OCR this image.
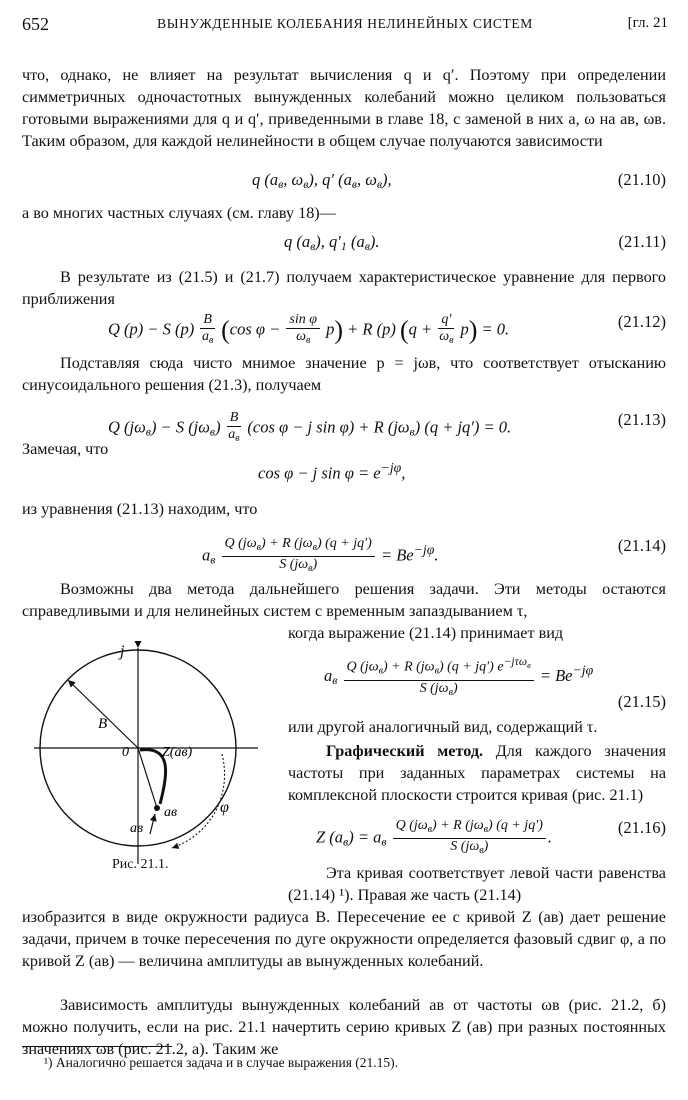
652	ВЫНУЖДЕННЫЕ КОЛЕБАНИЯ НЕЛИНЕЙНЫХ СИСТЕМ	[гл. 21

что, однако, не влияет на результат вычисления q и q′. Поэтому при определении симметричных одночастотных вынужденных колебаний можно целиком пользоваться готовыми выражениями для q и q′, приведенными в главе 18, с заменой в них a, ω на aв, ωв. Таким образом, для каждой нелинейности в общем случае получаются зависимости

q ($a_в$, $\omega_в$), q′ ($a_в$, $\omega_в$),	(21.10)

а во многих частных случаях (см. главу 18)—

q $(a_в)$, $q'_1$ $(a_в)$.	(21.11)

В результате из (21.5) и (21.7) получаем характеристическое уравнение для первого приближения

Q (p) − S $(p) \frac{B}{a_в} (\cos$ $\varphi - \frac{\text{sin φ}}{\omega_в} p) + R$ (p) $(q + \frac{q'}{\omega_в} p) = 0$.	(21.12)

Подставляя сюда чисто мнимое значение p = jωв, что соответствует отысканию синусоидального решения (21.3), получаем

Q $(j\omega_в) - S$ $(j\omega_в) \frac{B}{a_в} (\cos$ φ − j sin φ) + R $(j\omega_в) (q + jq') = 0$.	(21.13)

Замечая, что

cos φ − j $\sin \varphi = e^{-j\varphi}$,

из уравнения (21.13) находим, что

$a_в \frac{Q (j\omega_в) + R (j\omega_в) (q + jq')}{S (j\omega_в)} = Be^{-j\varphi}$.	(21.14)

Возможны два метода дальнейшего решения задачи. Эти методы остаются справедливыми и для нелинейных систем с временным запаздыванием τ,

когда выражение (21.14) принимает вид

$a_в \frac{Q (j\omega_в) + R (j\omega_в) (q + jq') e^{-j\tau\omega_в}}{S (j\omega_в)} = Be^{-j\varphi}$
(21.15)

или другой аналогичный вид, содержащий τ.

Графический метод. Для каждого значения частоты при заданных параметрах системы на комплексной плоскости строится кривая (рис. 21.1)

Z $(a_в) = a_в \frac{Q (j\omega_в) + R (j\omega_в) (q + jq')}{S (j\omega_в)}$ .	(21.16)

Эта кривая соответствует левой части равенства (21.14) ¹). Правая же часть (21.14)

изобразится в виде окружности радиуса B. Пересечение ее с кривой Z (aв) дает решение задачи, причем в точке пересечения по дуге окружности определяется фазовый сдвиг φ, а по кривой Z (aв) — величина амплитуды aв вынужденных колебаний.

Зависимость амплитуды вынужденных колебаний aв от частоты ωв (рис. 21.2, б) можно получить, если на рис. 21.1 начертить серию кривых Z (aв) при разных постоянных значениях ωв (рис. 21.2, а). Таким же

j
0
B
Z(aв)
aв
aв
φ
Рис. 21.1.
¹) Аналогично решается задача и в случае выражения (21.15).
